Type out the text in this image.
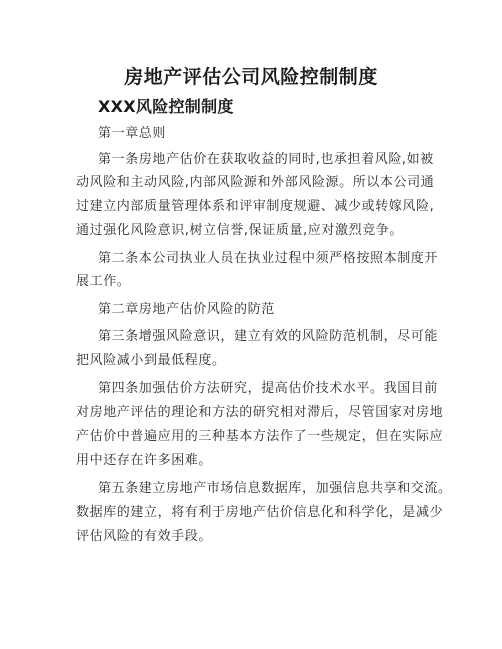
房地产评估公司风险控制制度
XXX风险控制制度
第一章总则
第一条房地产估价在获取收益的同时,也承担着风险,如被
动风险和主动风险,内部风险源和外部风险源。所以本公司通
过建立内部质量管理体系和评审制度规避、减少或转嫁风险,
通过强化风险意识,树立信誉,保证质量,应对激烈竞争。
第二条本公司执业人员在执业过程中须严格按照本制度开
展工作。
第二章房地产估价风险的防范
第三条增强风险意识，建立有效的风险防范机制，尽可能
把风险减小到最低程度。
第四条加强估价方法研究，提高估价技术水平。我国目前
对房地产评估的理论和方法的研究相对滞后，尽管国家对房地
产估价中普遍应用的三种基本方法作了一些规定，但在实际应
用中还存在许多困难。
第五条建立房地产市场信息数据库，加强信息共享和交流。
数据库的建立，将有利于房地产估价信息化和科学化，是减少
评估风险的有效手段。
